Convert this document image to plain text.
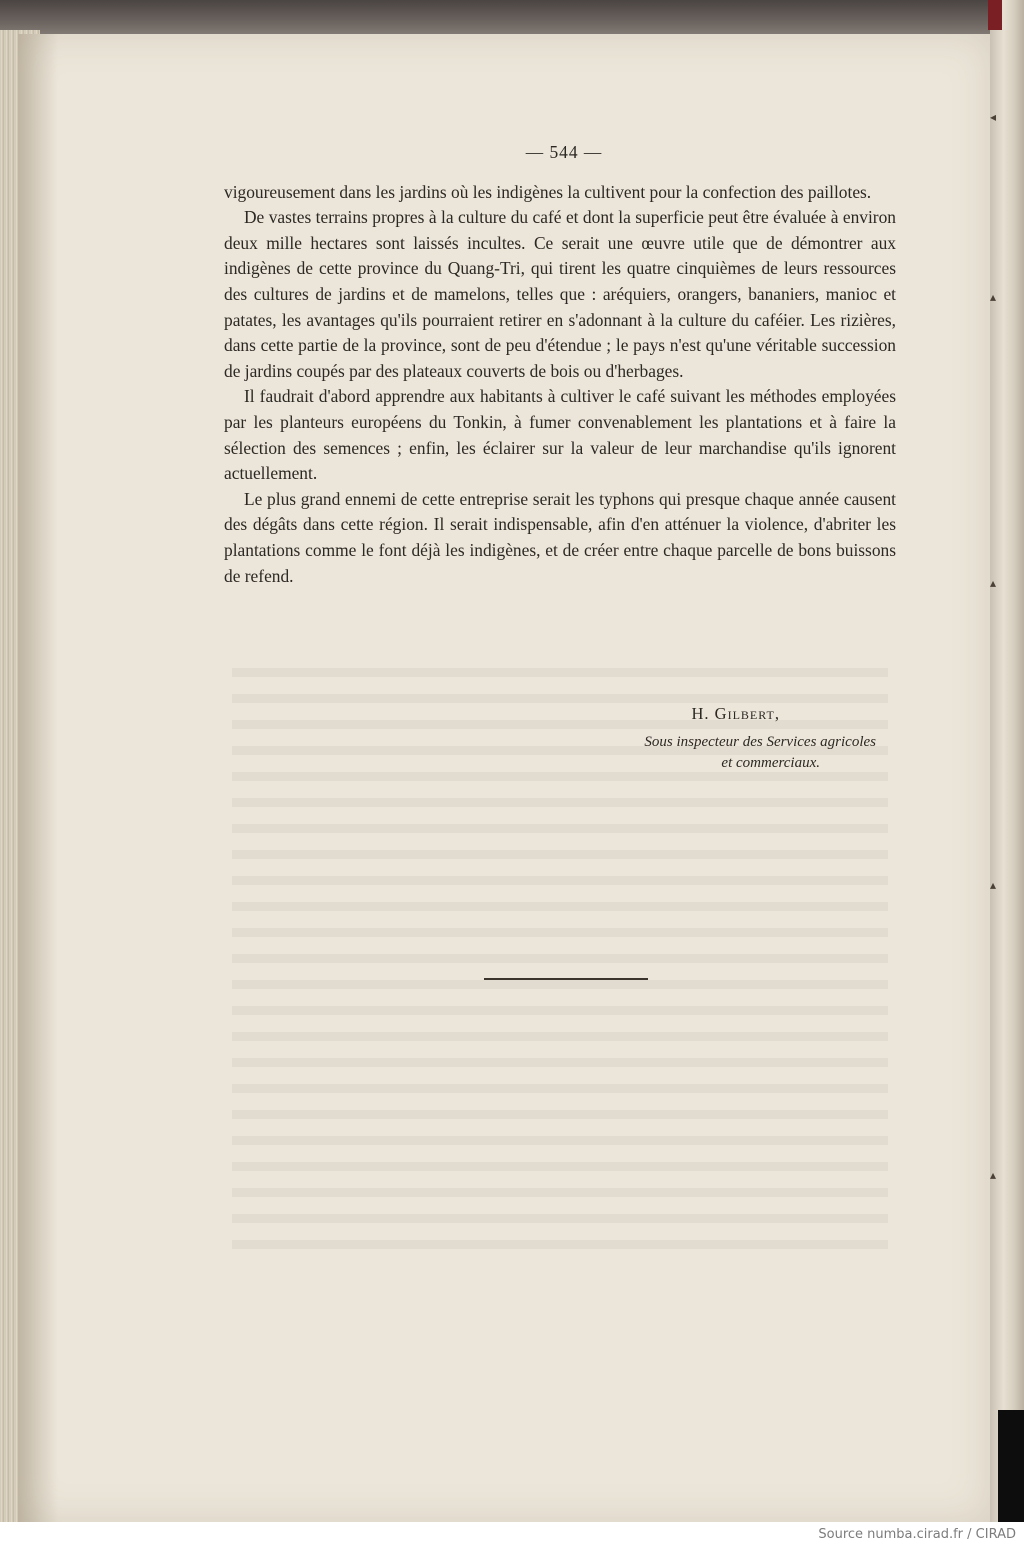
◂
▴
▴
▴
▴
— 544 —

vigoureusement dans les jardins où les indigènes la cultivent pour la confection des paillotes.

De vastes terrains propres à la culture du café et dont la superficie peut être évaluée à environ deux mille hectares sont laissés incultes. Ce serait une œuvre utile que de démontrer aux indigènes de cette province du Quang-Tri, qui tirent les quatre cinquièmes de leurs ressources des cultures de jardins et de mamelons, telles que : aréquiers, orangers, bananiers, manioc et patates, les avantages qu'ils pourraient retirer en s'adonnant à la culture du caféier. Les rizières, dans cette partie de la province, sont de peu d'étendue ; le pays n'est qu'une véritable succession de jardins coupés par des plateaux couverts de bois ou d'herbages.

Il faudrait d'abord apprendre aux habitants à cultiver le café suivant les méthodes employées par les planteurs européens du Tonkin, à fumer convenablement les plantations et à faire la sélection des semences ; enfin, les éclairer sur la valeur de leur marchandise qu'ils ignorent actuellement.

Le plus grand ennemi de cette entreprise serait les typhons qui presque chaque année causent des dégâts dans cette région. Il serait indispensable, afin d'en atténuer la violence, d'abriter les plantations comme le font déjà les indigènes, et de créer entre chaque parcelle de bons buissons de refend.

H. Gilbert,
Sous inspecteur des Services agricoles
et commerciaux.
Source numba.cirad.fr / CIRAD
